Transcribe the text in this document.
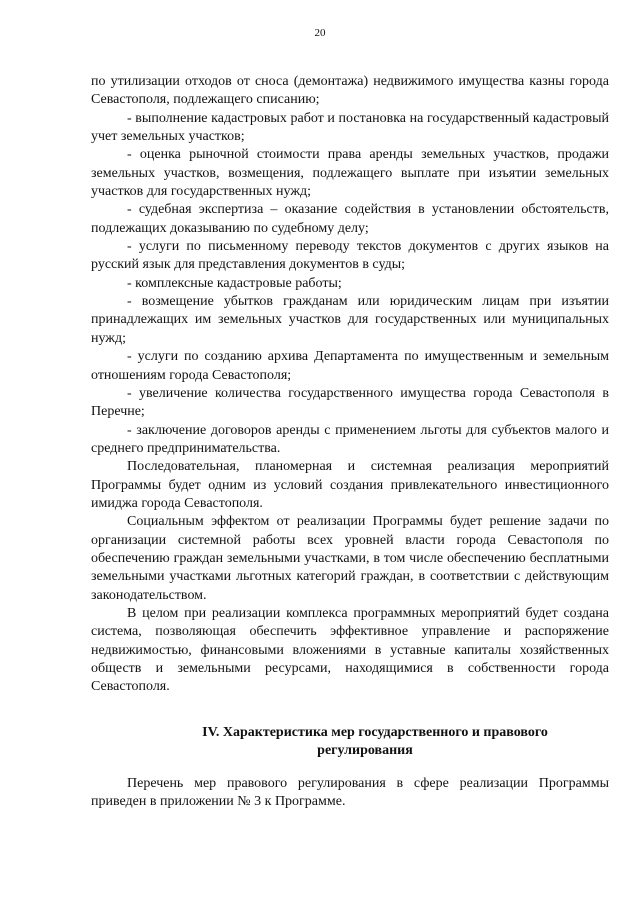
20

по утилизации отходов от сноса (демонтажа) недвижимого имущества казны города Севастополя, подлежащего списанию;

- выполнение кадастровых работ и постановка на государственный кадастровый учет земельных участков;

- оценка рыночной стоимости права аренды земельных участков, продажи земельных участков, возмещения, подлежащего выплате при изъятии земельных участков для государственных нужд;

- судебная экспертиза – оказание содействия в установлении обстоятельств, подлежащих доказыванию по судебному делу;

- услуги по письменному переводу текстов документов с других языков на русский язык для представления документов в суды;

- комплексные кадастровые работы;

- возмещение убытков гражданам или юридическим лицам при изъятии принадлежащих им земельных участков для государственных или муниципальных нужд;

- услуги по созданию архива Департамента по имущественным и земельным отношениям города Севастополя;

- увеличение количества государственного имущества города Севастополя в Перечне;

- заключение договоров аренды с применением льготы для субъектов малого и среднего предпринимательства.

Последовательная, планомерная и системная реализация мероприятий Программы будет одним из условий создания привлекательного инвестиционного имиджа города Севастополя.

Социальным эффектом от реализации Программы будет решение задачи по организации системной работы всех уровней власти города Севастополя по обеспечению граждан земельными участками, в том числе обеспечению бесплатными земельными участками льготных категорий граждан, в соответствии с действующим законодательством.

В целом при реализации комплекса программных мероприятий будет создана система, позволяющая обеспечить эффективное управление и распоряжение недвижимостью, финансовыми вложениями в уставные капиталы хозяйственных обществ и земельными ресурсами, находящимися в собственности города Севастополя.

IV. Характеристика мер государственного и правового
регулирования

Перечень мер правового регулирования в сфере реализации Программы приведен в приложении № 3 к Программе.
